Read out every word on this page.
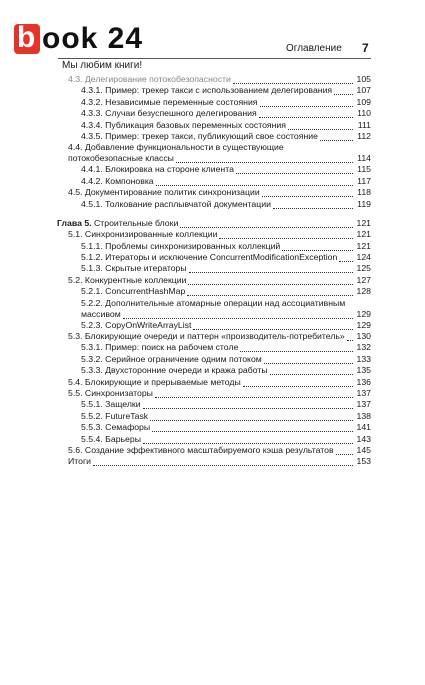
b ook 24
Мы любим книги!
Оглавление 7
4.3. Делегирование потокобезопасности	105
4.3.1. Пример: трекер такси с использованием делегирования	107
4.3.2. Независимые переменные состояния	109
4.3.3. Случаи безуспешного делегирования	110
4.3.4. Публикация базовых переменных состояния	111
4.3.5. Пример: трекер такси, публикующий свое состояние	112
4.4. Добавление функциональности в существующие потокобезопасные классы	114
4.4.1. Блокировка на стороне клиента	115
4.4.2. Компоновка	117
4.5. Документирование политик синхронизации	118
4.5.1. Толкование расплывчатой документации	119
Глава 5. Строительные блоки	121
5.1. Синхронизированные коллекции	121
5.1.1. Проблемы синхронизированных коллекций	121
5.1.2. Итераторы и исключение ConcurrentModificationException	124
5.1.3. Скрытые итераторы	125
5.2. Конкурентные коллекции	127
5.2.1. ConcurrentHashMap	128
5.2.2. Дополнительные атомарные операции над ассоциативным массивом	129
5.2.3. CopyOnWriteArrayList	129
5.3. Блокирующие очереди и паттерн «производитель-потребитель»	130
5.3.1. Пример: поиск на рабочем столе	132
5.3.2. Серийное ограничение одним потоком	133
5.3.3. Двухсторонние очереди и кража работы	135
5.4. Блокирующие и прерываемые методы	136
5.5. Синхронизаторы	137
5.5.1. Защелки	137
5.5.2. FutureTask	138
5.5.3. Семафоры	141
5.5.4. Барьеры	143
5.6. Создание эффективного масштабируемого кэша результатов	145
Итоги	153
